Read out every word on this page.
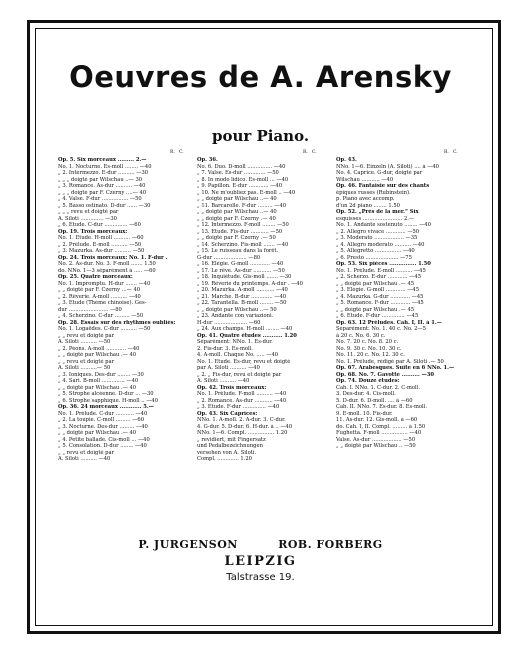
Oeuvres de A. Arensky
pour Piano.
R. C.
Op. 5. Six morceaux ......... 2.—
No. 1. Nocturne. Es-moll ........ —40
„ 2. Intermezzo. E-dur .......... —30
„ „ „ doigté par Wilschau ..— 30
„ 3. Romance. As-dur .......... —40
„ „ „ doigté par F. Czerny ....— 40
„ 4. Valse. F-dur ................ —50
„ 5. Basso ostinato. D-dur ...... —30
„ „ „ revu et doigté par
A. Siloti .............. —30
„ 6. Etude. C-dur .............. —60
Op. 19. Trois morceaux:
No. 1. Etude. H-moll .......... —60
„ 2. Prélude. E-moll .......... —50
„ 3. Mazurka. As-dur .......... —50
Op. 24. Trois morceaux: No. 1. F-dur .
No. 2. As-dur. No. 3. F-moll ....... 1.50
do. NNo. 1—3 séparément à ..... —60
Op. 25. Quatre morceaux:
No. 1. Impromptu. H-dur ....... —40
„ „ doigté par F. Czerny ...— 40
„ 2. Rêverie. A-moll .......... —40
„ 3. Etude (Thème chinoise). Ges-
dur ........................ —80
„ 4. Scherzino. C-dur ......... —50
Op. 28. Essais sur des rhythmes oubliés:
No. 1. Logaëdes. C-dur .......... —50
„ „ revu et doigté par
A. Siloti .......... —50
„ 2. Péons. A-moll ............ —40
„ „ doigté par Wilschau .— 40
„ „ revu et doigté par
A. Siloti ..........— 50
„ 3. Ioniques. Des-dur ........ —30
„ 4. Sari. B-moll .............. —40
„ „ doigté par Wilschau .— 40
„ 5. Strophe alcéenne. D-dur ... —30
„ 6. Strophe sapphique. H-moll .. —40
Op. 36. 24 morceaux ............ 5.—
No. 1. Prélude. C-dur ........... —40
„ 2. La toupie. C-moll ......... —60
„ 3. Nocturne. Des-dur ......... —40
„ „ doigté par Wilschau .— 40
„ 4. Petite ballade. Cis-moll ... —40
„ 5. Consolation. D-dur ........ —40
„ „ revu et doigté par
A. Siloti .......... —40
R. C.
Op. 36.
No. 6. Duo. D-moll ............... —40
„ 7. Valse. Es-dur ............. —50
„ 8. In modo lidico. Es-moll ... —40
„ 9. Papillon. E-dur ............ —40
„ 10. Ne m'oubliez pas. E-moll .. —40
„ „ doigté par Wilschau ..— 40
„ 11. Barcarolle. F-dur ......... —40
„ „ doigté par Wilschau ..— 40
„ „ doigté par F. Czerny .— 40
„ 12. Intermezzo. F-moll ........ —50
„ 13. Etude. Fis-dur ........... —50
„ „ doigté par F. Czerny .— 50
„ 14. Scherzino. Fis-moll ....... —40
„ 15. Le ruisseau dans la forêt.
G-dur .................... —80
„ 16. Elégie. G-moll ............ —40
„ 17. Le rêve. As-dur ........... —50
„ 18. Inquiétude. Gis-moll ....... —30
„ 19. Rêverie du printemps. A-dur . —40
„ 20. Mazurka. A-moll ........... —40
„ 21. Marche. B-dur ............. —40
„ 22. Tarantella. B-moll ........ —50
„ „ doigté par Wilschau ..— 50
„ 23. Andante con variazioni.
H-dur .................... —60
„ 24. Aux champs. H-moll ........ —40
Op. 41. Quatre études ........... 1.20
Séparément: NNo. 1. Es-dur.
2. Fis-dur. 3. Es-moll.
4. A-moll. Chaque No. ..... —40
No. 1. Etude. Es-dur, revu et doigté
par A. Siloti .......... —40
„ 2. „ Fis-dur, revu et doigté par
A. Siloti .......... —40
Op. 42. Trois morceaux:
No. 1. Prélude. F-moll .......... —40
„ 2. Romance. As-dur ........... —40
„ 3. Etude. F-dur .............. —40
Op. 43. Six Caprices:
NNo. 1. A-moll. 2. A-dur. 3. C-dur.
4. G-dur. 5. D-dur. 6. H-dur. à .. —40
NNo. 1—6. Compl. ................ 1.20
„ revidiert, mit Fingersatz
und Pedalbezeichnungen
versehen von A. Siloti.
Compl. ............. 1.20
R. C.
Op. 43.
NNo. 1—6. Einzeln (A. Siloti) .... à —40
No. 4. Caprice. G-dur, doigté par
Wilschau ........... —40
Op. 46. Fantaisie sur des chants
épiques russes (Rubinstein).
p. Piano avec accomp.
d'un 2d piano ........ 1.50
Op. 52. „Près de la mer.“ Six
esquisses ........................ 2.—
No. 1. Andante sostenuto ........ —40
„ 2. Allegro vivace ............ —50
„ 3. Moderato .................. —35
„ 4. Allegro moderato .......... —40
„ 5. Allegretto ................ —40
„ 6. Presto .................... —75
Op. 53. Six pièces ............... 1.50
No. 1. Prélude. E-moll .......... —45
„ 2. Scherzo. E-dur ............ —45
„ „ doigté par Wilschau .— 45
„ 3. Elégie. G-moll ............ —45
„ 4. Mazurka. G-dur ............ —45
„ 5. Romance. F-dur ............ —45
„ „ doigté par Wilschau .— 45
„ 6. Etude. F-dur .............. —45
Op. 63. 12 Préludes. Cah. I, II. à 1.—
Séparément: No. 1. 40 c. No. 2—5
à 20 c. No. 6. 30 c.
No. 7. 20 c. No. 8. 20 c.
No. 9. 30 c. No. 10. 30 c.
No. 11. 20 c. No. 12. 30 c.
No. 1. Prélude, rédigé par A. Siloti .— 50
Op. 67. Arabesques. Suite en 6 NNo. 1.—
Op. 68. No. 7. Gavotte .......... —30
Op. 74. Douze études:
Cah. I. NNo. 1. C-dur. 2. C-moll.
3. Des-dur. 4. Cis-moll.
5. D-dur. 6. D-moll. .... à —60
Cah. II. NNo. 7. Es-dur. 8. Es-moll.
9. E-moll. 10. Fis-dur.
11. As-dur. 12. Gis-moll. à —60
do. Cah. I, II. Compl. ......... à 1.50
Fughetta. F-moll ................ —40
Valse. As-dur .................. —50
„ „ doigté par Wilschau .. —50
P. JURGENSON	ROB. FORBERG
LEIPZIG
Talstrasse 19.
